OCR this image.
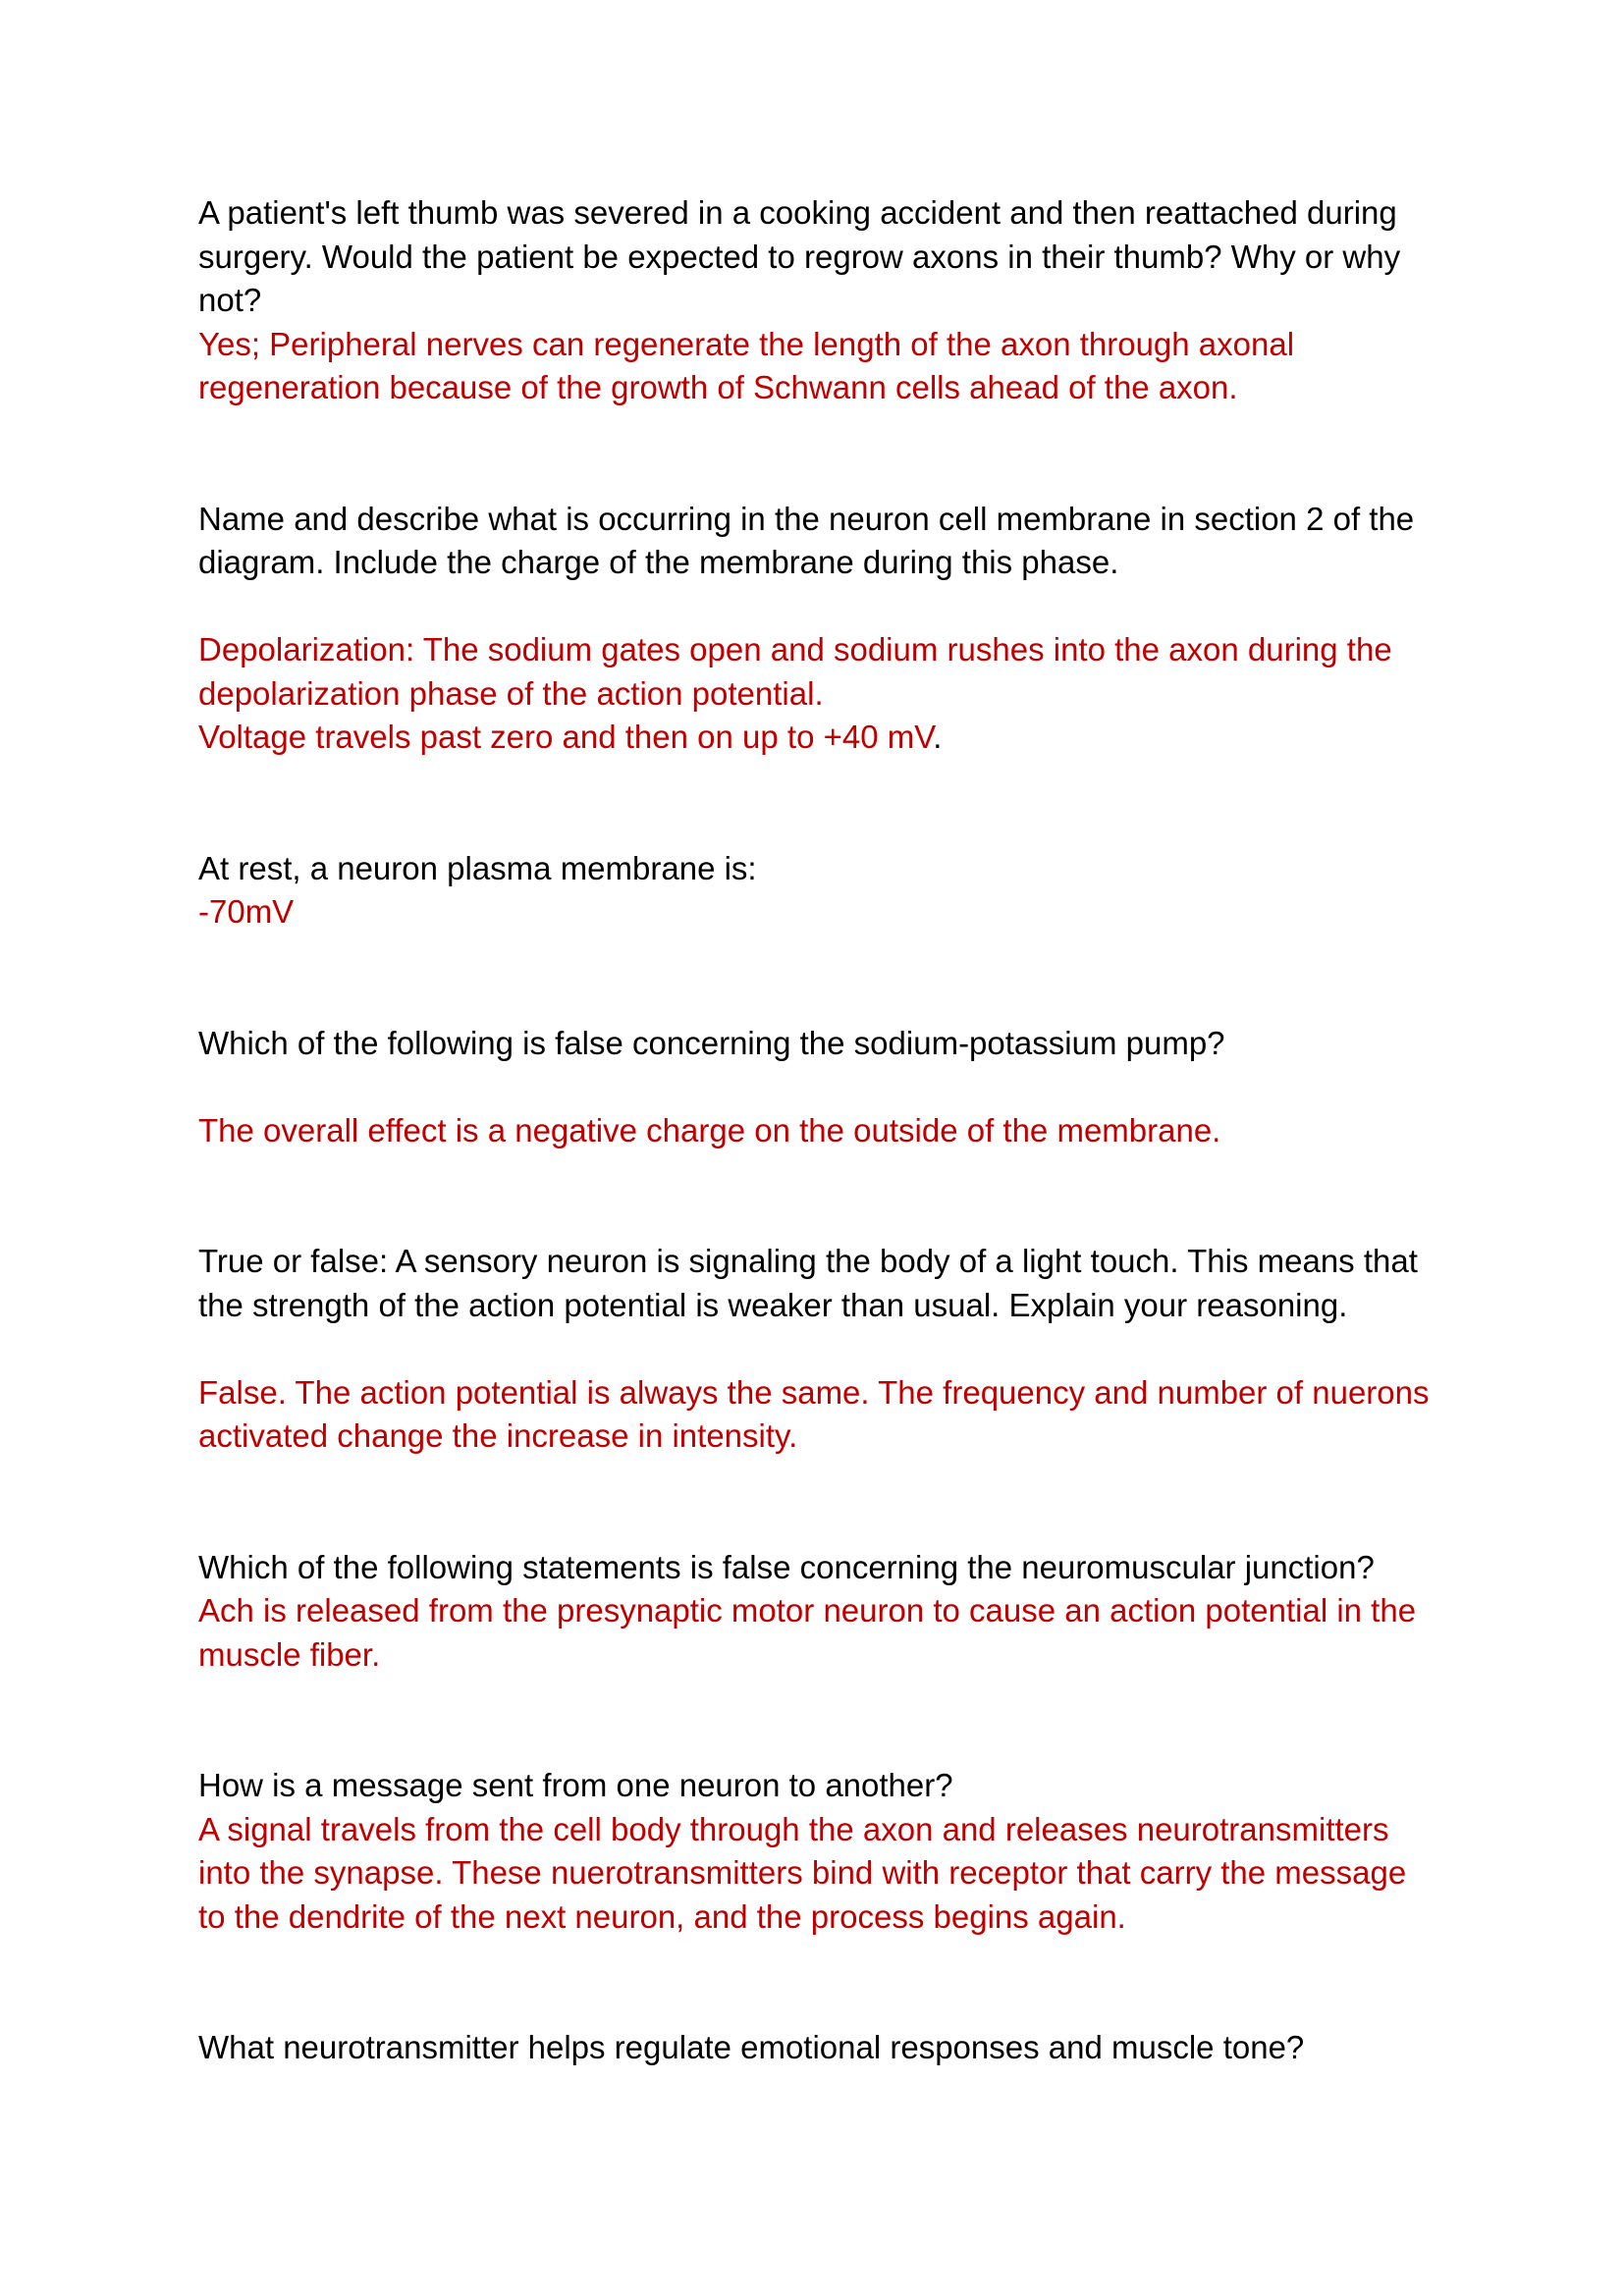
A patient's left thumb was severed in a cooking accident and then reattached during
surgery. Would the patient be expected to regrow axons in their thumb? Why or why
not?
Yes; Peripheral nerves can regenerate the length of the axon through axonal
regeneration because of the growth of Schwann cells ahead of the axon.
Name and describe what is occurring in the neuron cell membrane in section 2 of the
diagram. Include the charge of the membrane during this phase.
Depolarization: The sodium gates open and sodium rushes into the axon during the
depolarization phase of the action potential.
Voltage travels past zero and then on up to +40 mV.
At rest, a neuron plasma membrane is:
-70mV
Which of the following is false concerning the sodium-potassium pump?
The overall effect is a negative charge on the outside of the membrane.
True or false: A sensory neuron is signaling the body of a light touch. This means that
the strength of the action potential is weaker than usual. Explain your reasoning.
False. The action potential is always the same. The frequency and number of nuerons
activated change the increase in intensity.
Which of the following statements is false concerning the neuromuscular junction?
Ach is released from the presynaptic motor neuron to cause an action potential in the
muscle fiber.
How is a message sent from one neuron to another?
A signal travels from the cell body through the axon and releases neurotransmitters
into the synapse. These nuerotransmitters bind with receptor that carry the message
to the dendrite of the next neuron, and the process begins again.
What neurotransmitter helps regulate emotional responses and muscle tone?
